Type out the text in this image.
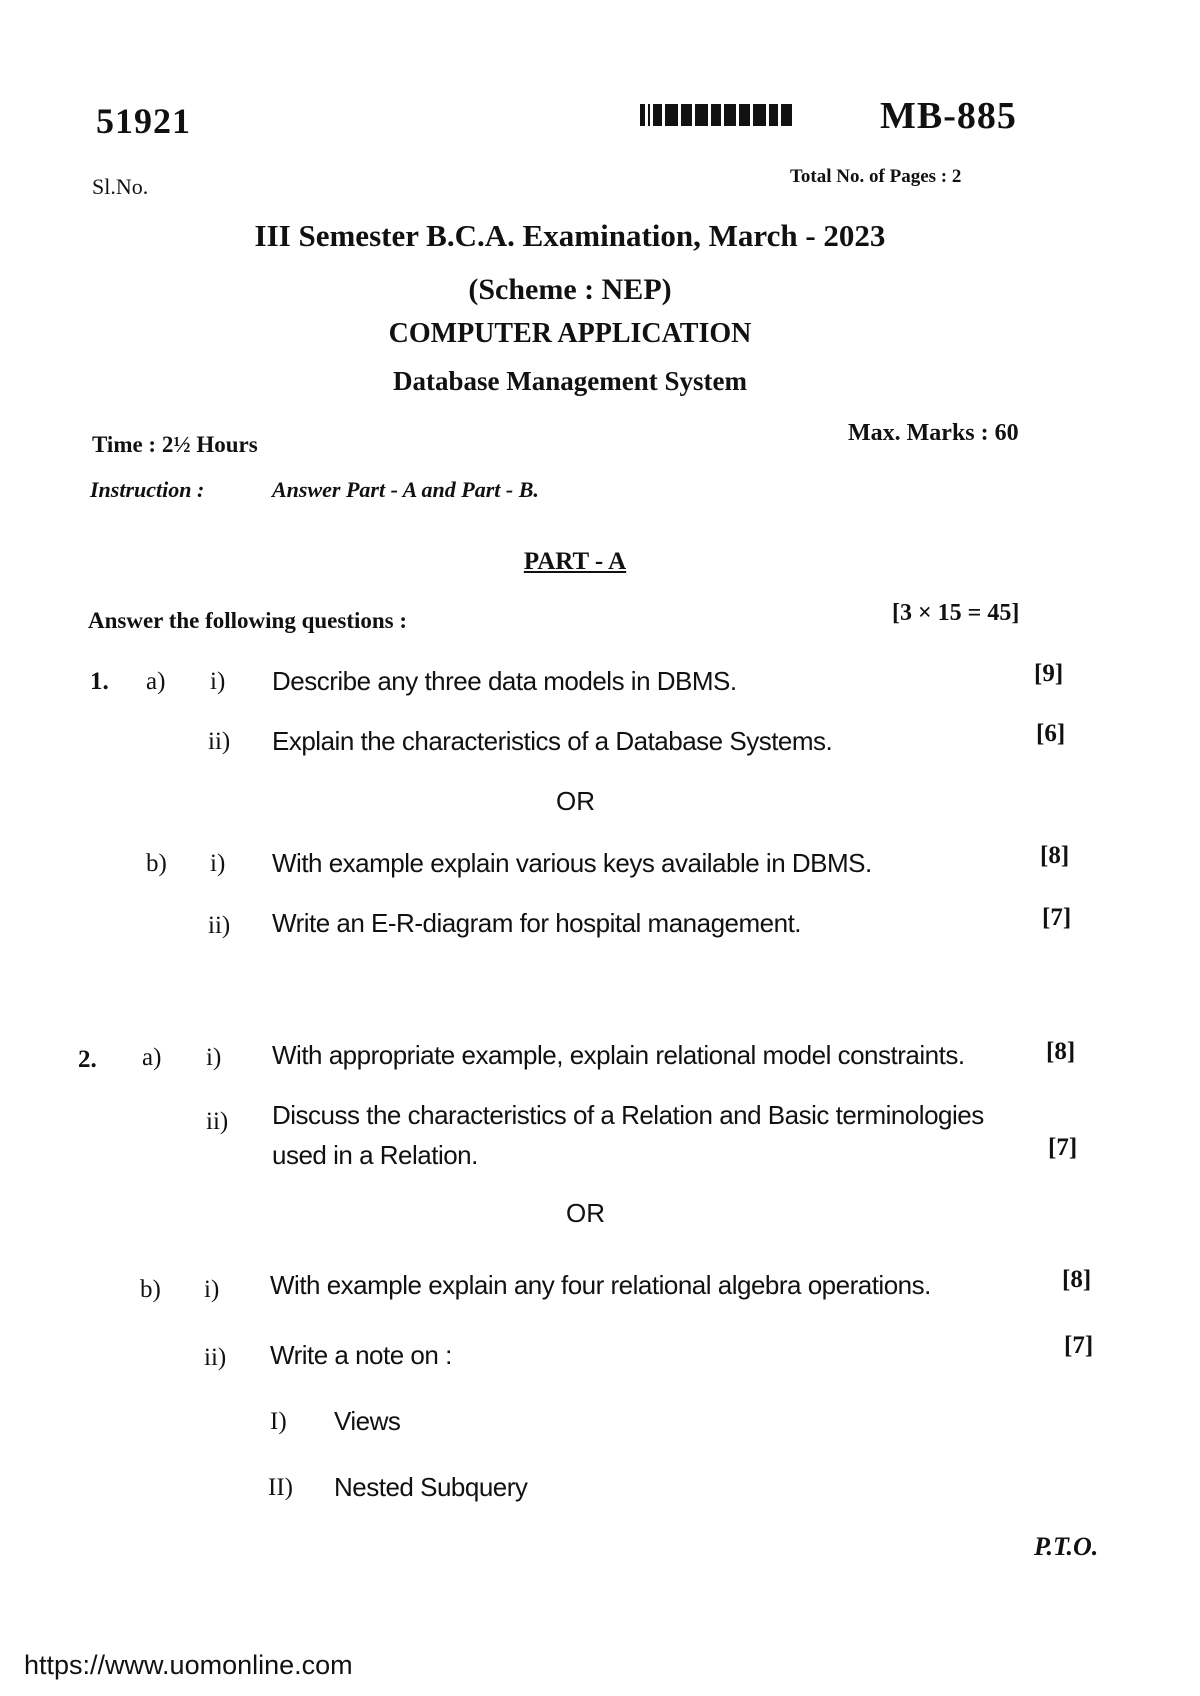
51921	MB-885
Sl.No.	Total No. of Pages : 2
III Semester B.C.A. Examination, March - 2023
(Scheme : NEP)
COMPUTER APPLICATION
Database Management System
Time : 2½ Hours	Max. Marks : 60
Instruction :	Answer Part - A and Part - B.
PART - A
Answer the following questions :	[3 × 15 = 45]
1. a) i) Describe any three data models in DBMS.	[9]
ii) Explain the characteristics of a Database Systems.	[6]
OR
b) i) With example explain various keys available in DBMS.	[8]
ii) Write an E-R-diagram for hospital management.	[7]
2. a) i) With appropriate example, explain relational model constraints.	[8]
ii) Discuss the characteristics of a Relation and Basic terminologies
used in a Relation.	[7]
OR
b) i) With example explain any four relational algebra operations.	[8]
ii) Write a note on :	[7]
I) Views
II) Nested Subquery
P.T.O.
https://www.uomonline.com
